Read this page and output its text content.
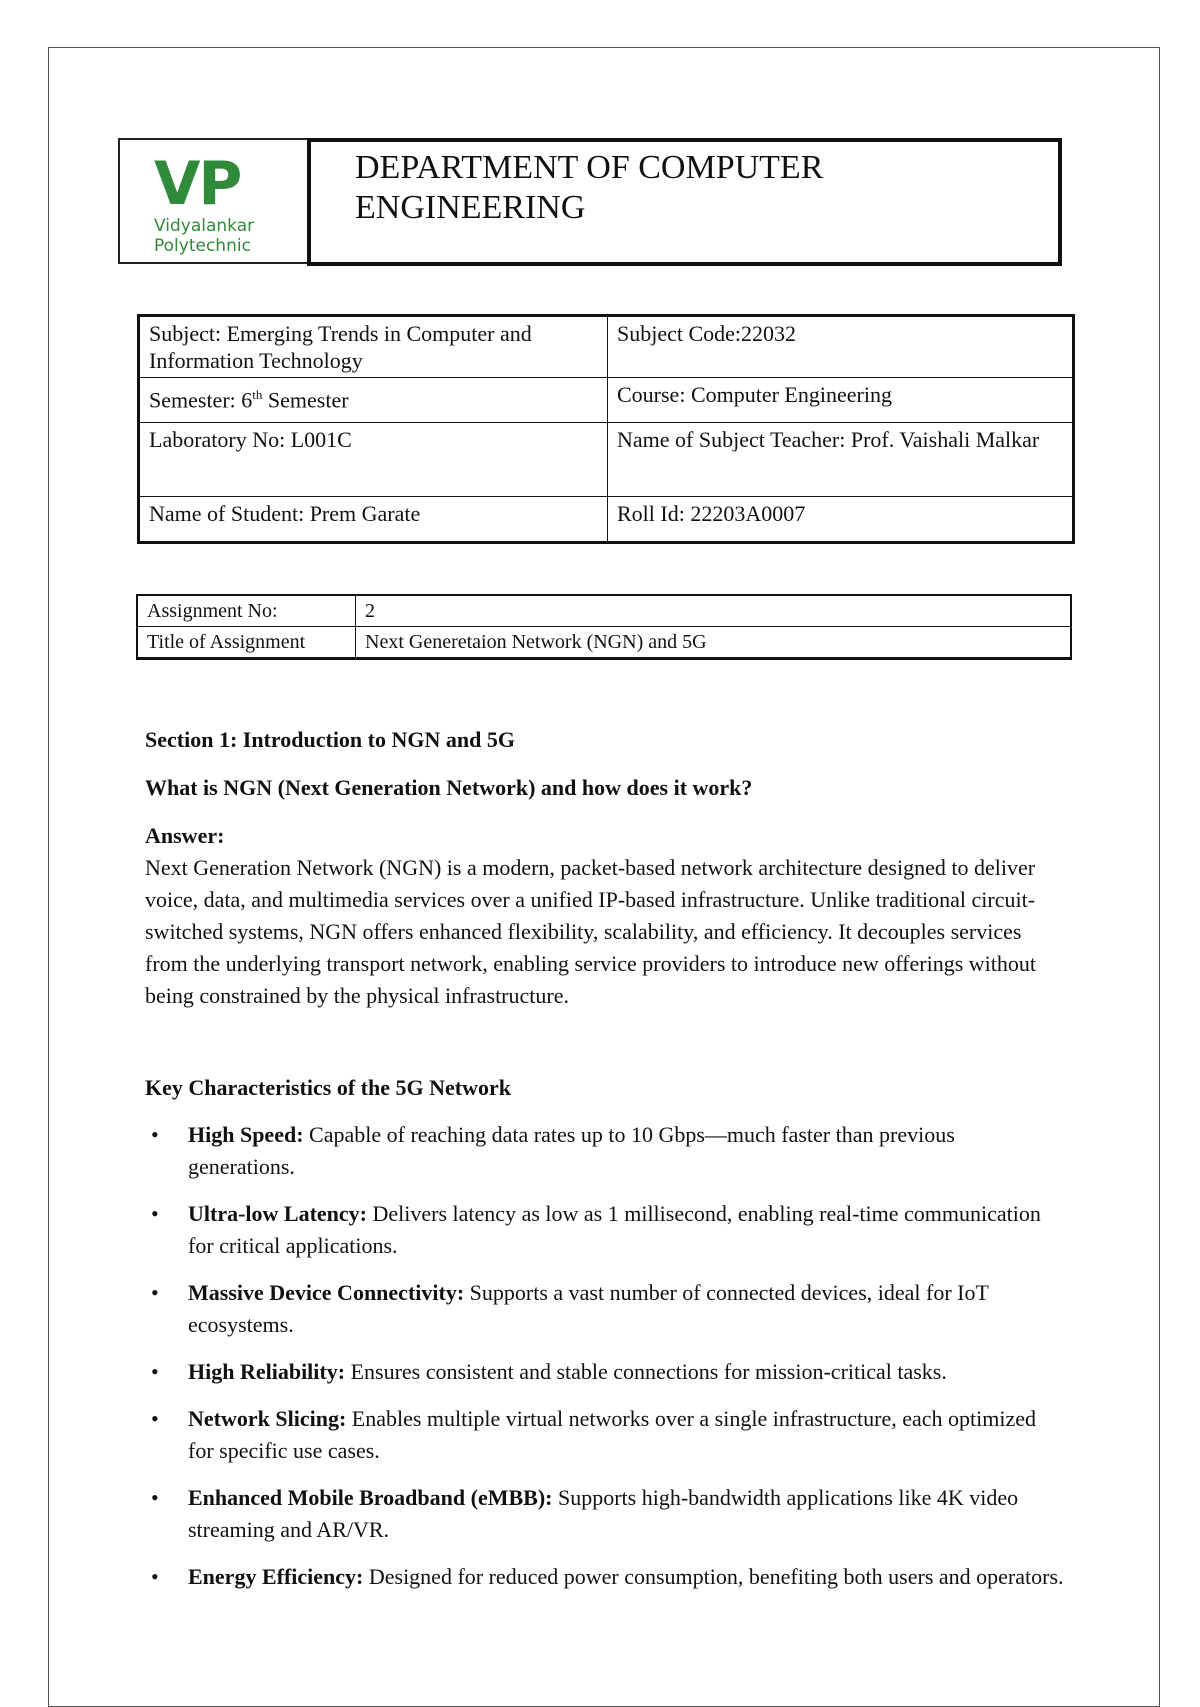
VP
Vidyalankar
Polytechnic
DEPARTMENT OF COMPUTER ENGINEERING
Subject: Emerging Trends in Computer and Information Technology	Subject Code:22032
Semester: 6th Semester	Course: Computer Engineering
Laboratory No: L001C	Name of Subject Teacher: Prof. Vaishali Malkar
Name of Student: Prem Garate	Roll Id: 22203A0007
Assignment No:	2
Title of Assignment	Next Generetaion Network (NGN) and 5G

Section 1: Introduction to NGN and 5G

What is NGN (Next Generation Network) and how does it work?

Answer:

Next Generation Network (NGN) is a modern, packet-based network architecture designed to deliver voice, data, and multimedia services over a unified IP-based infrastructure. Unlike traditional circuit-switched systems, NGN offers enhanced flexibility, scalability, and efficiency. It decouples services from the underlying transport network, enabling service providers to introduce new offerings without being constrained by the physical infrastructure.

Key Characteristics of the 5G Network

• High Speed: Capable of reaching data rates up to 10 Gbps—much faster than previous generations.
• Ultra-low Latency: Delivers latency as low as 1 millisecond, enabling real-time communication for critical applications.
• Massive Device Connectivity: Supports a vast number of connected devices, ideal for IoT ecosystems.
• High Reliability: Ensures consistent and stable connections for mission-critical tasks.
• Network Slicing: Enables multiple virtual networks over a single infrastructure, each optimized for specific use cases.
• Enhanced Mobile Broadband (eMBB): Supports high-bandwidth applications like 4K video streaming and AR/VR.
• Energy Efficiency: Designed for reduced power consumption, benefiting both users and operators.
